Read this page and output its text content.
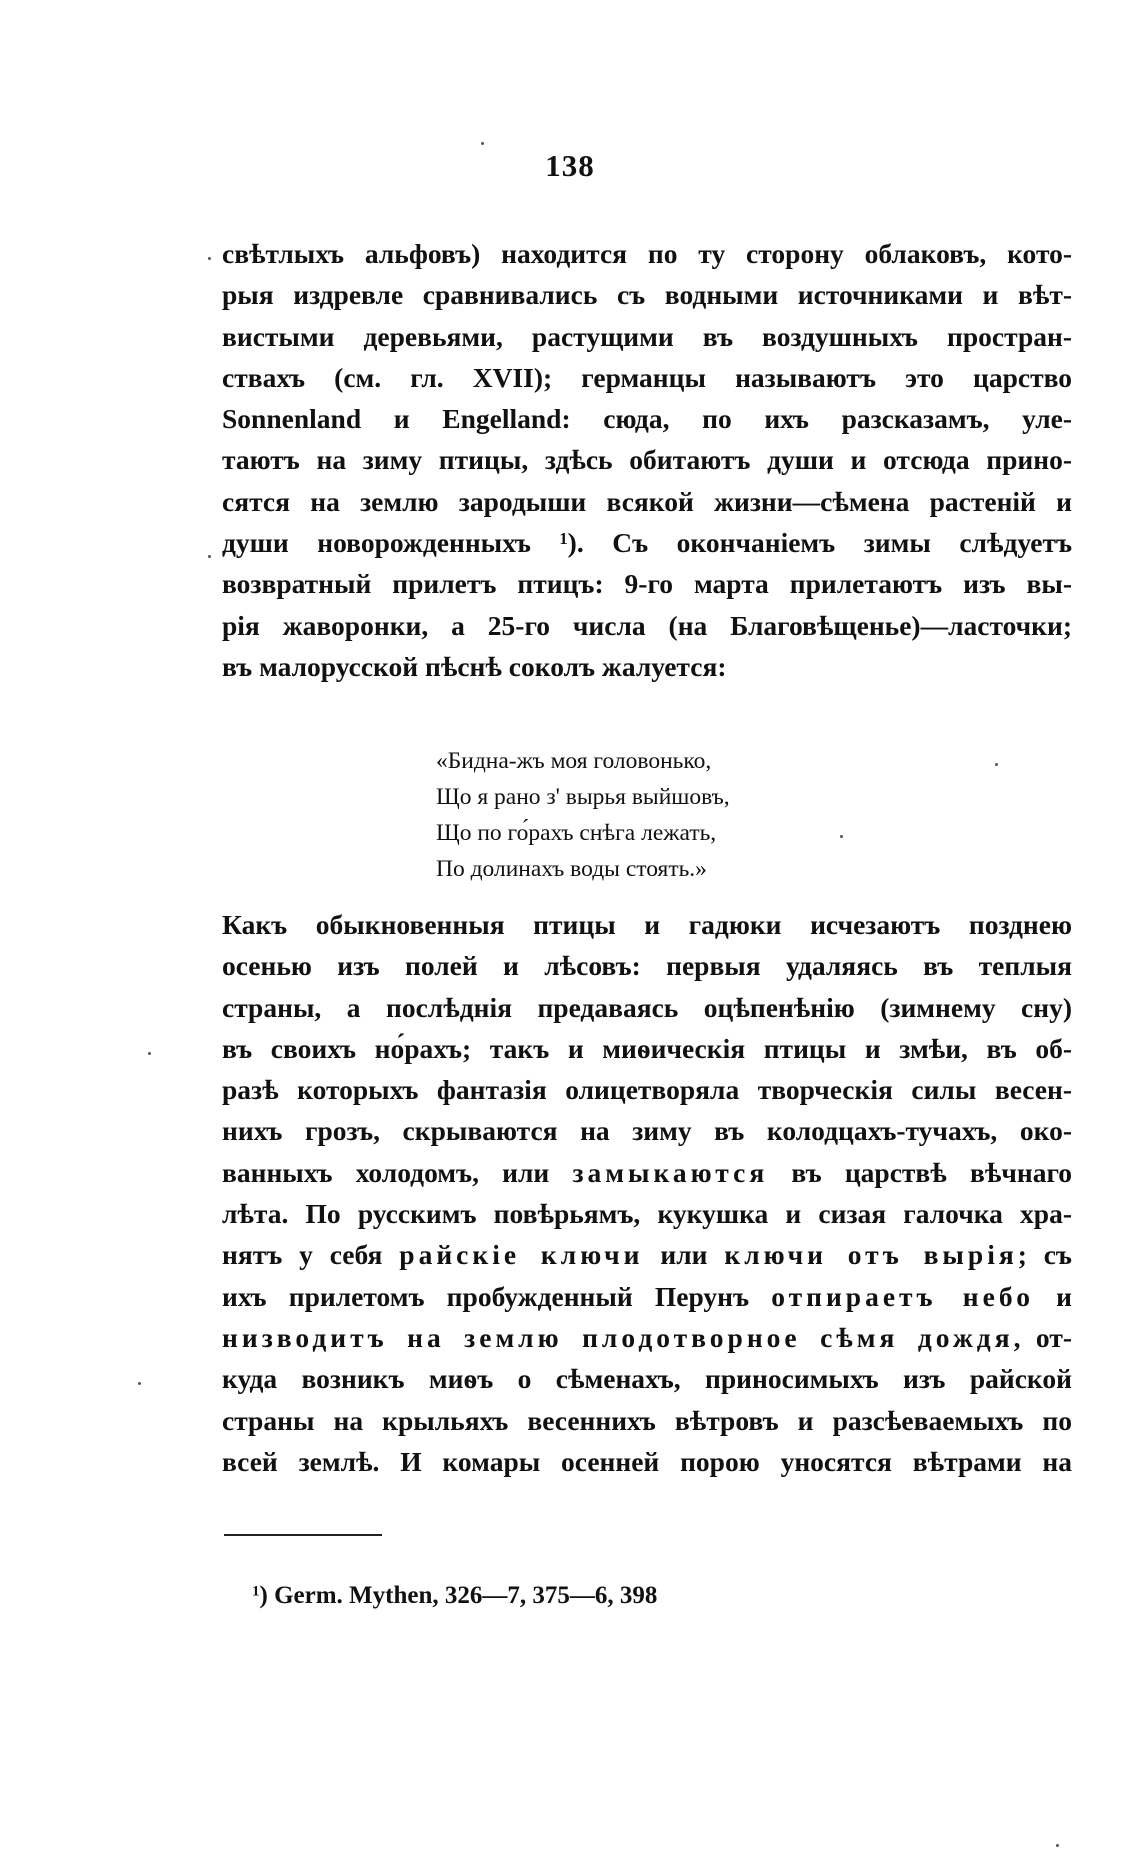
138
свѣтлыхъ альфовъ) находится по ту сторону облаковъ, кото-
рыя издревле сравнивались съ водными источниками и вѣт-
вистыми деревьями, растущими въ воздушныхъ простран-
ствахъ (см. гл. XVII); германцы называютъ это царство
Sonnenland и Engelland: сюда, по ихъ разсказамъ, уле-
таютъ на зиму птицы, здѣсь обитаютъ души и отсюда прино-
сятся на землю зародыши всякой жизни—сѣмена растеній и
души новорожденныхъ $^1$). Съ окончаніемъ зимы слѣдуетъ
возвратный прилетъ птицъ: 9-го марта прилетаютъ изъ вы-
рія жаворонки, а 25-го числа (на Благовѣщенье)—ласточки;
въ малорусской пѣснѣ соколъ жалуется:
«Бидна-жъ моя головонько,
Що я рано з' вырья выйшовъ,
Що по го́рахъ снѣга лежать,
По долинахъ воды стоять.»
Какъ обыкновенныя птицы и гадюки исчезаютъ позднею
осенью изъ полей и лѣсовъ: первыя удаляясь въ теплыя
страны, а послѣднія предаваясь оцѣпенѣнію (зимнему сну)
въ своихъ но́рахъ; такъ и миѳическія птицы и змѣи, въ об-
разѣ которыхъ фантазія олицетворяла творческія силы весен-
нихъ грозъ, скрываются на зиму въ колодцахъ-тучахъ, око-
ванныхъ холодомъ, или замыкаются въ царствѣ вѣчнаго
лѣта. По русскимъ повѣрьямъ, кукушка и сизая галочка хра-
нятъ у себя райскіе ключи или ключи отъ вырія; съ
ихъ прилетомъ пробужденный Перунъ отпираетъ небо и
низводитъ на землю плодотворное сѣмя дождя, от-
куда возникъ миѳъ о сѣменахъ, приносимыхъ изъ райской
страны на крыльяхъ весеннихъ вѣтровъ и разсѣеваемыхъ по
всей землѣ. И комары осенней порою уносятся вѣтрами на
$^1$) Germ. Mythen, 326—7, 375—6, 398
